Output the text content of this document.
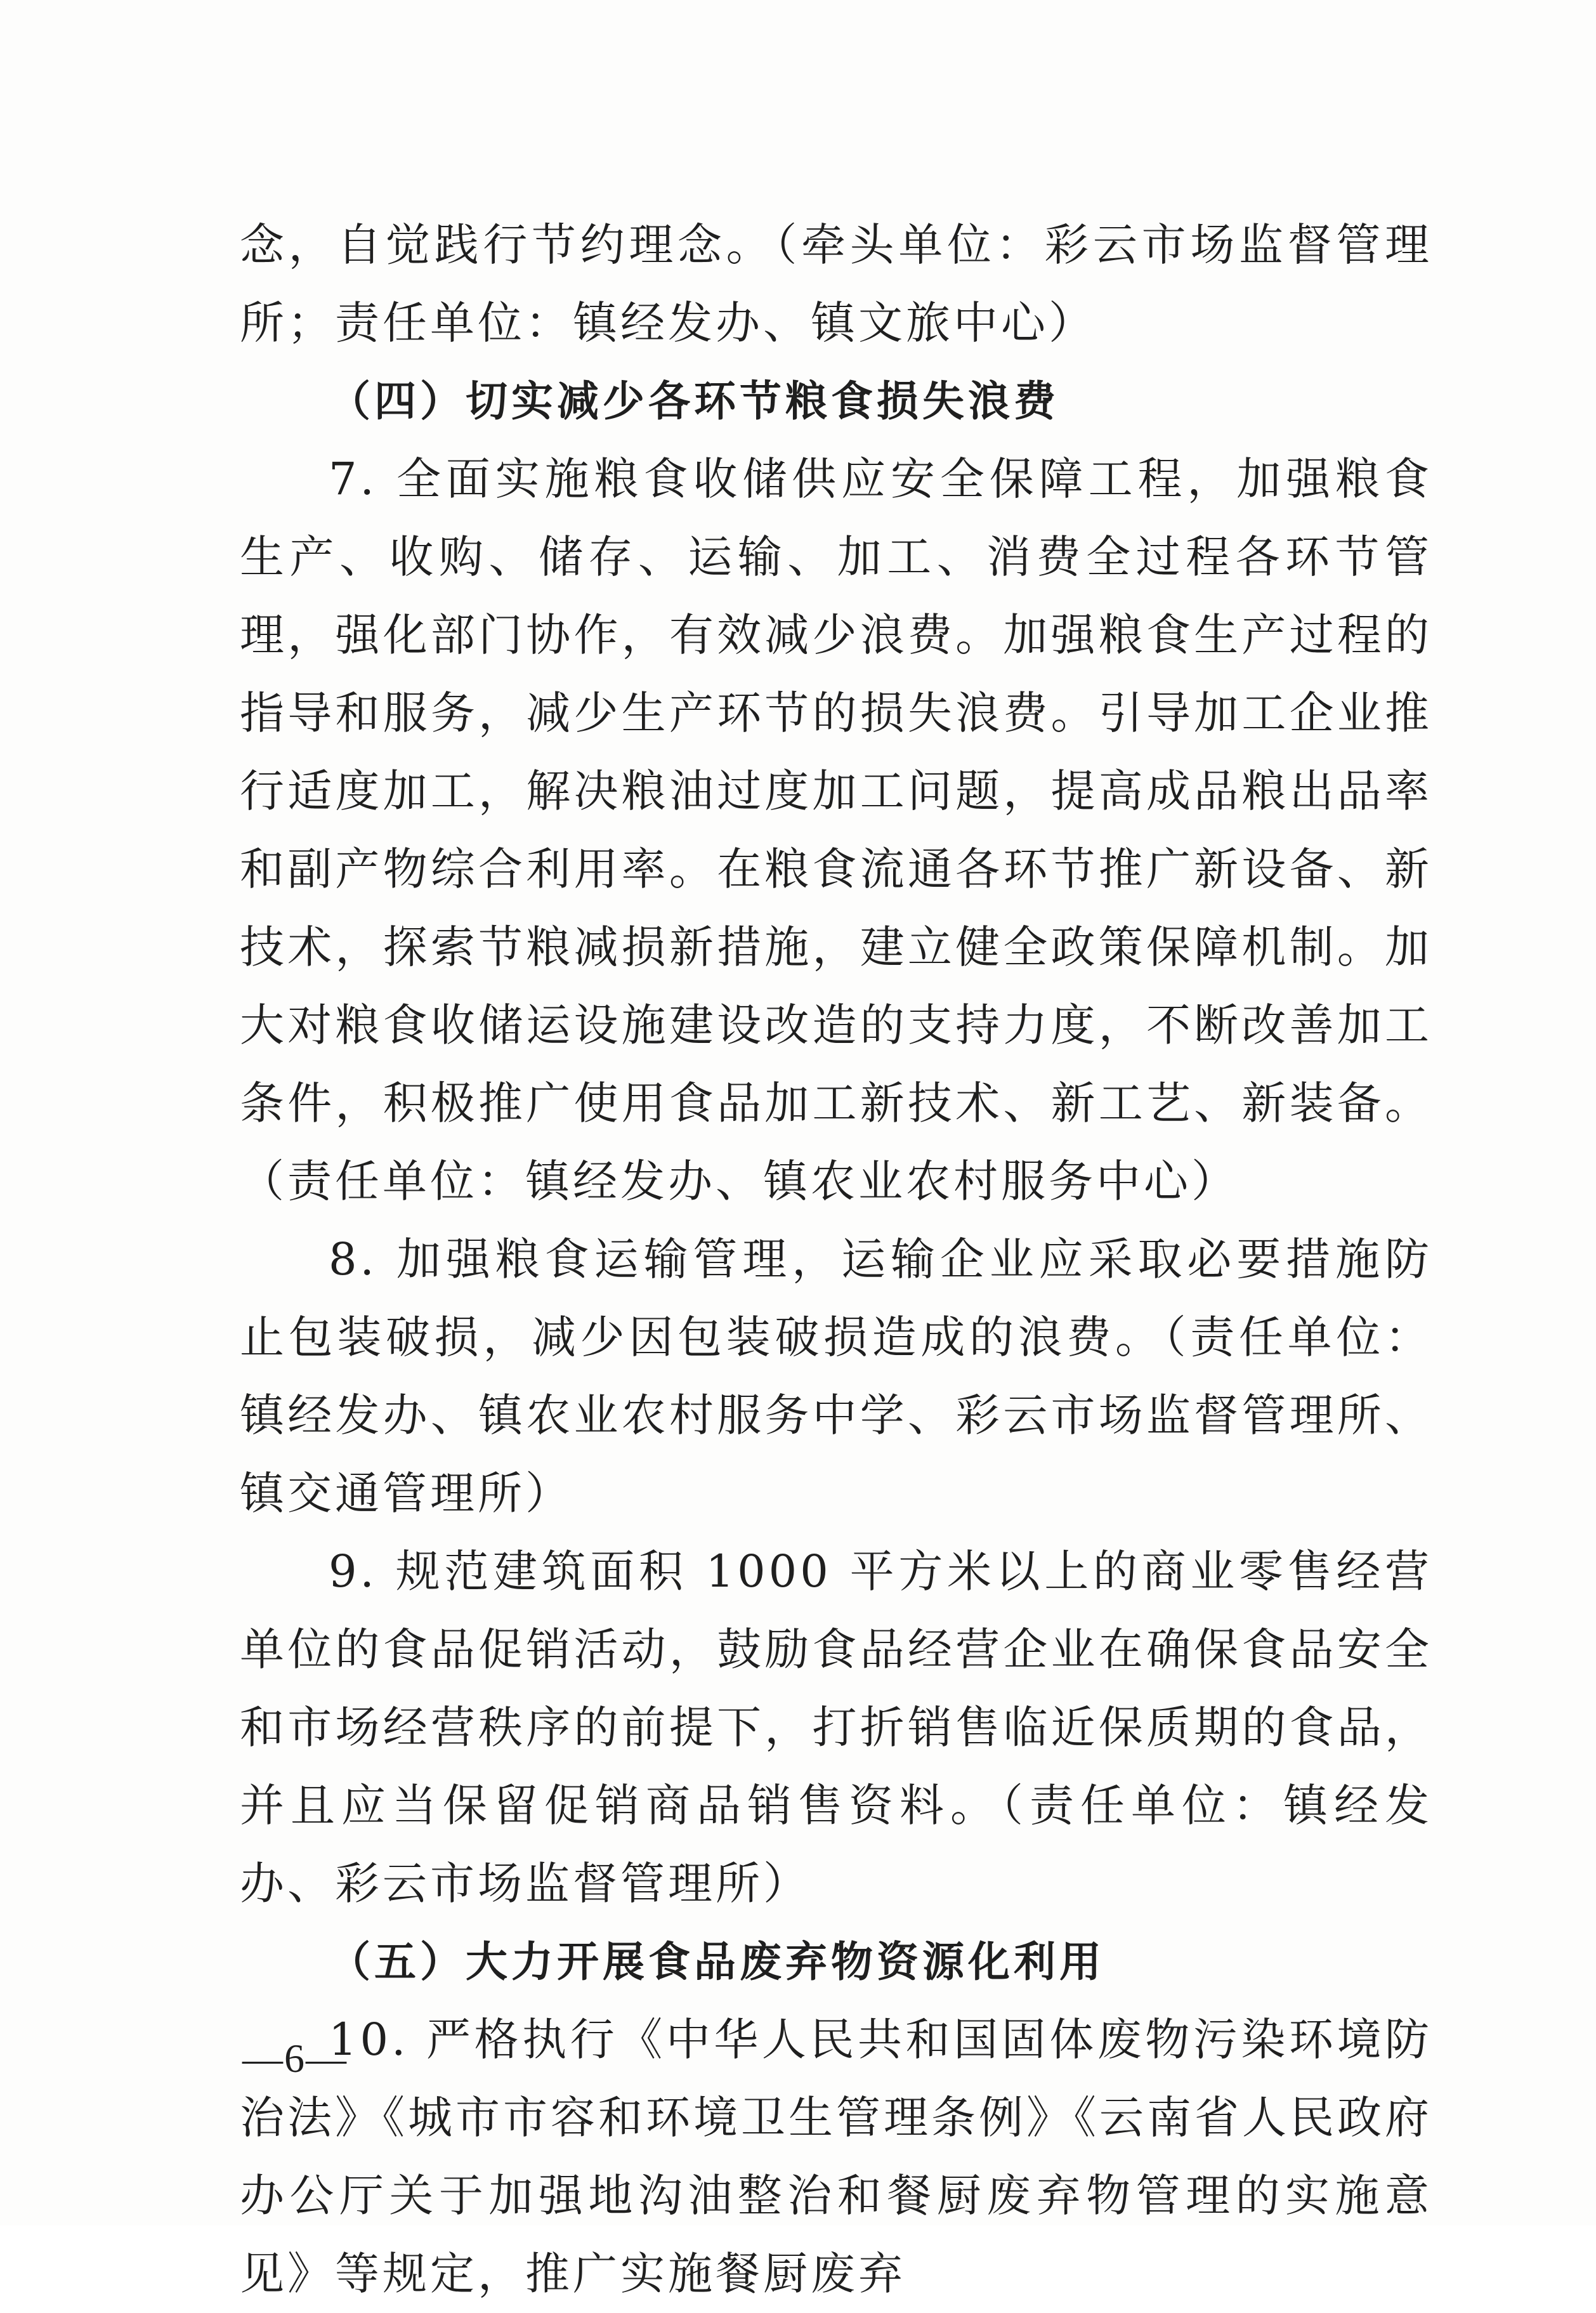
念，自觉践行节约理念。（牵头单位：彩云市场监督管理所；责任单位：镇经发办、镇文旅中心）

（四）切实减少各环节粮食损失浪费

7. 全面实施粮食收储供应安全保障工程，加强粮食生产、收购、储存、运输、加工、消费全过程各环节管理，强化部门协作，有效减少浪费。加强粮食生产过程的指导和服务，减少生产环节的损失浪费。引导加工企业推行适度加工，解决粮油过度加工问题，提高成品粮出品率和副产物综合利用率。在粮食流通各环节推广新设备、新技术，探索节粮减损新措施，建立健全政策保障机制。加大对粮食收储运设施建设改造的支持力度，不断改善加工条件，积极推广使用食品加工新技术、新工艺、新装备。（责任单位：镇经发办、镇农业农村服务中心）

8. 加强粮食运输管理，运输企业应采取必要措施防止包装破损，减少因包装破损造成的浪费。（责任单位：镇经发办、镇农业农村服务中学、彩云市场监督管理所、镇交通管理所）

9. 规范建筑面积 1000 平方米以上的商业零售经营单位的食品促销活动，鼓励食品经营企业在确保食品安全和市场经营秩序的前提下，打折销售临近保质期的食品，并且应当保留促销商品销售资料。（责任单位：镇经发办、彩云市场监督管理所）

（五）大力开展食品废弃物资源化利用

10. 严格执行《中华人民共和国固体废物污染环境防治法》《城市市容和环境卫生管理条例》《云南省人民政府办公厅关于加强地沟油整治和餐厨废弃物管理的实施意见》等规定，推广实施餐厨废弃

—6—
